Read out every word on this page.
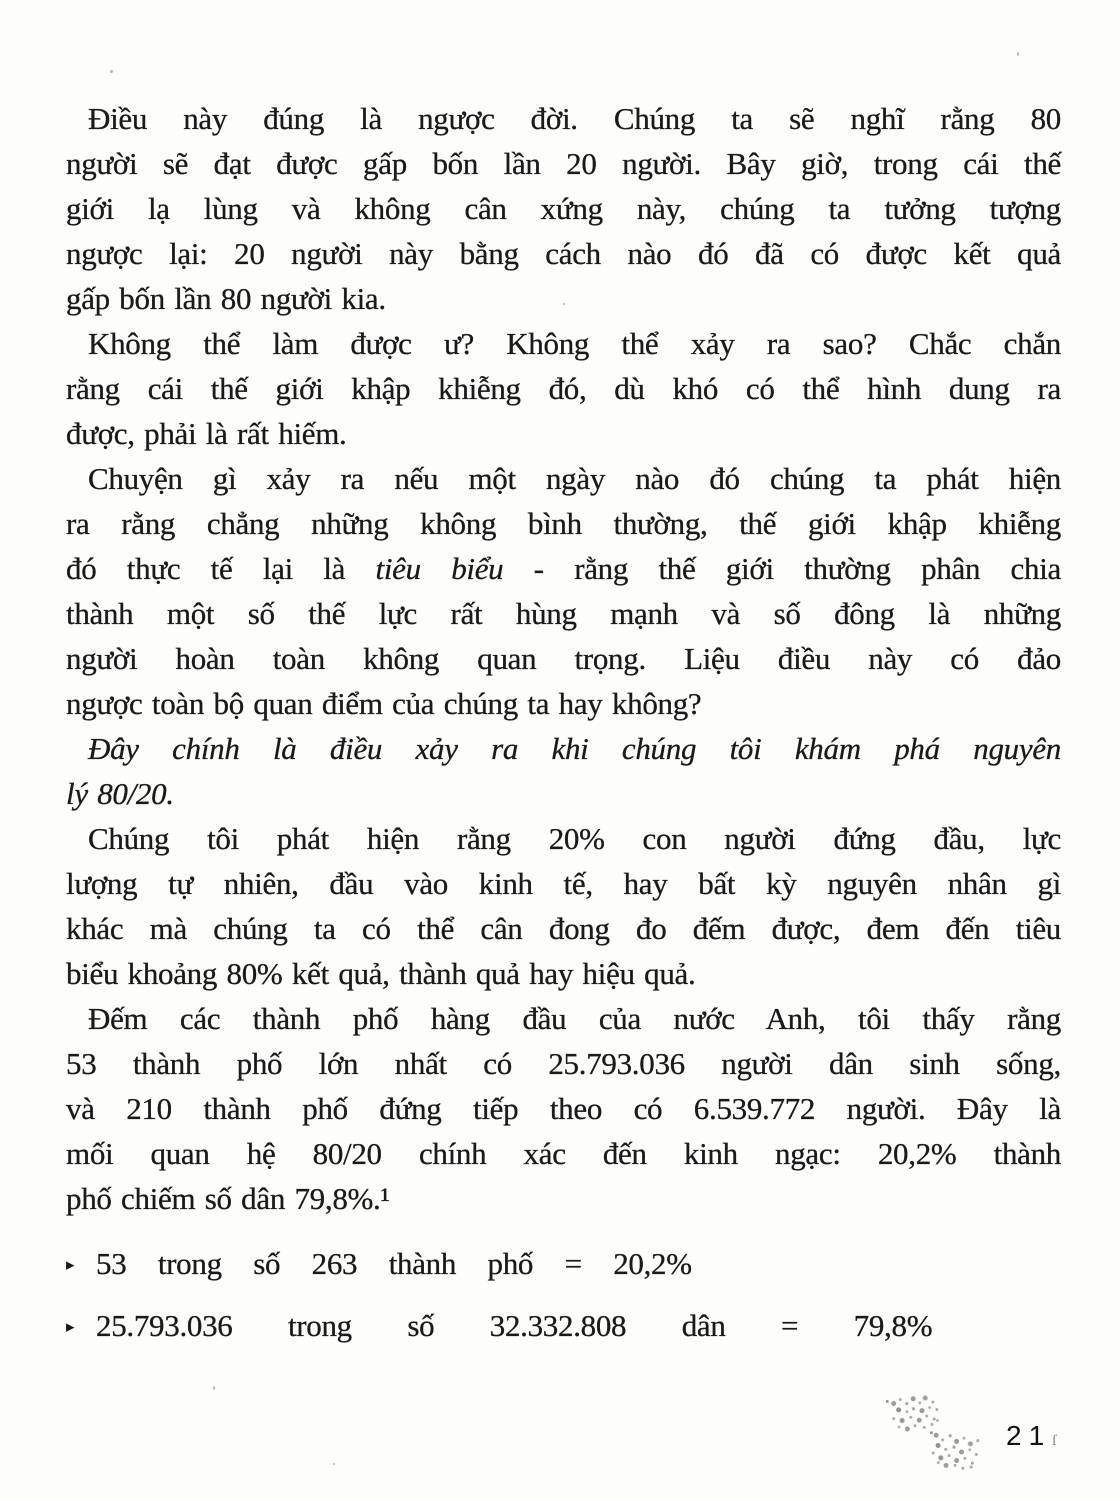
Điều này đúng là ngược đời. Chúng ta sẽ nghĩ rằng 80
người sẽ đạt được gấp bốn lần 20 người. Bây giờ, trong cái thế
giới lạ lùng và không cân xứng này, chúng ta tưởng tượng
ngược lại: 20 người này bằng cách nào đó đã có được kết quả
gấp bốn lần 80 người kia.
Không thể làm được ư? Không thể xảy ra sao? Chắc chắn
rằng cái thế giới khập khiễng đó, dù khó có thể hình dung ra
được, phải là rất hiếm.
Chuyện gì xảy ra nếu một ngày nào đó chúng ta phát hiện
ra rằng chẳng những không bình thường, thế giới khập khiễng
đó thực tế lại là tiêu biểu - rằng thế giới thường phân chia
thành một số thế lực rất hùng mạnh và số đông là những
người hoàn toàn không quan trọng. Liệu điều này có đảo
ngược toàn bộ quan điểm của chúng ta hay không?
Đây chính là điều xảy ra khi chúng tôi khám phá nguyên
lý 80/20.
Chúng tôi phát hiện rằng 20% con người đứng đầu, lực
lượng tự nhiên, đầu vào kinh tế, hay bất kỳ nguyên nhân gì
khác mà chúng ta có thể cân đong đo đếm được, đem đến tiêu
biểu khoảng 80% kết quả, thành quả hay hiệu quả.
Đếm các thành phố hàng đầu của nước Anh, tôi thấy rằng
53 thành phố lớn nhất có 25.793.036 người dân sinh sống,
và 210 thành phố đứng tiếp theo có 6.539.772 người. Đây là
mối quan hệ 80/20 chính xác đến kinh ngạc: 20,2% thành
phố chiếm số dân 79,8%.¹
▸ 53 trong số 263 thành phố = 20,2%
▸ 25.793.036 trong số 32.332.808 dân = 79,8%
21ſ
